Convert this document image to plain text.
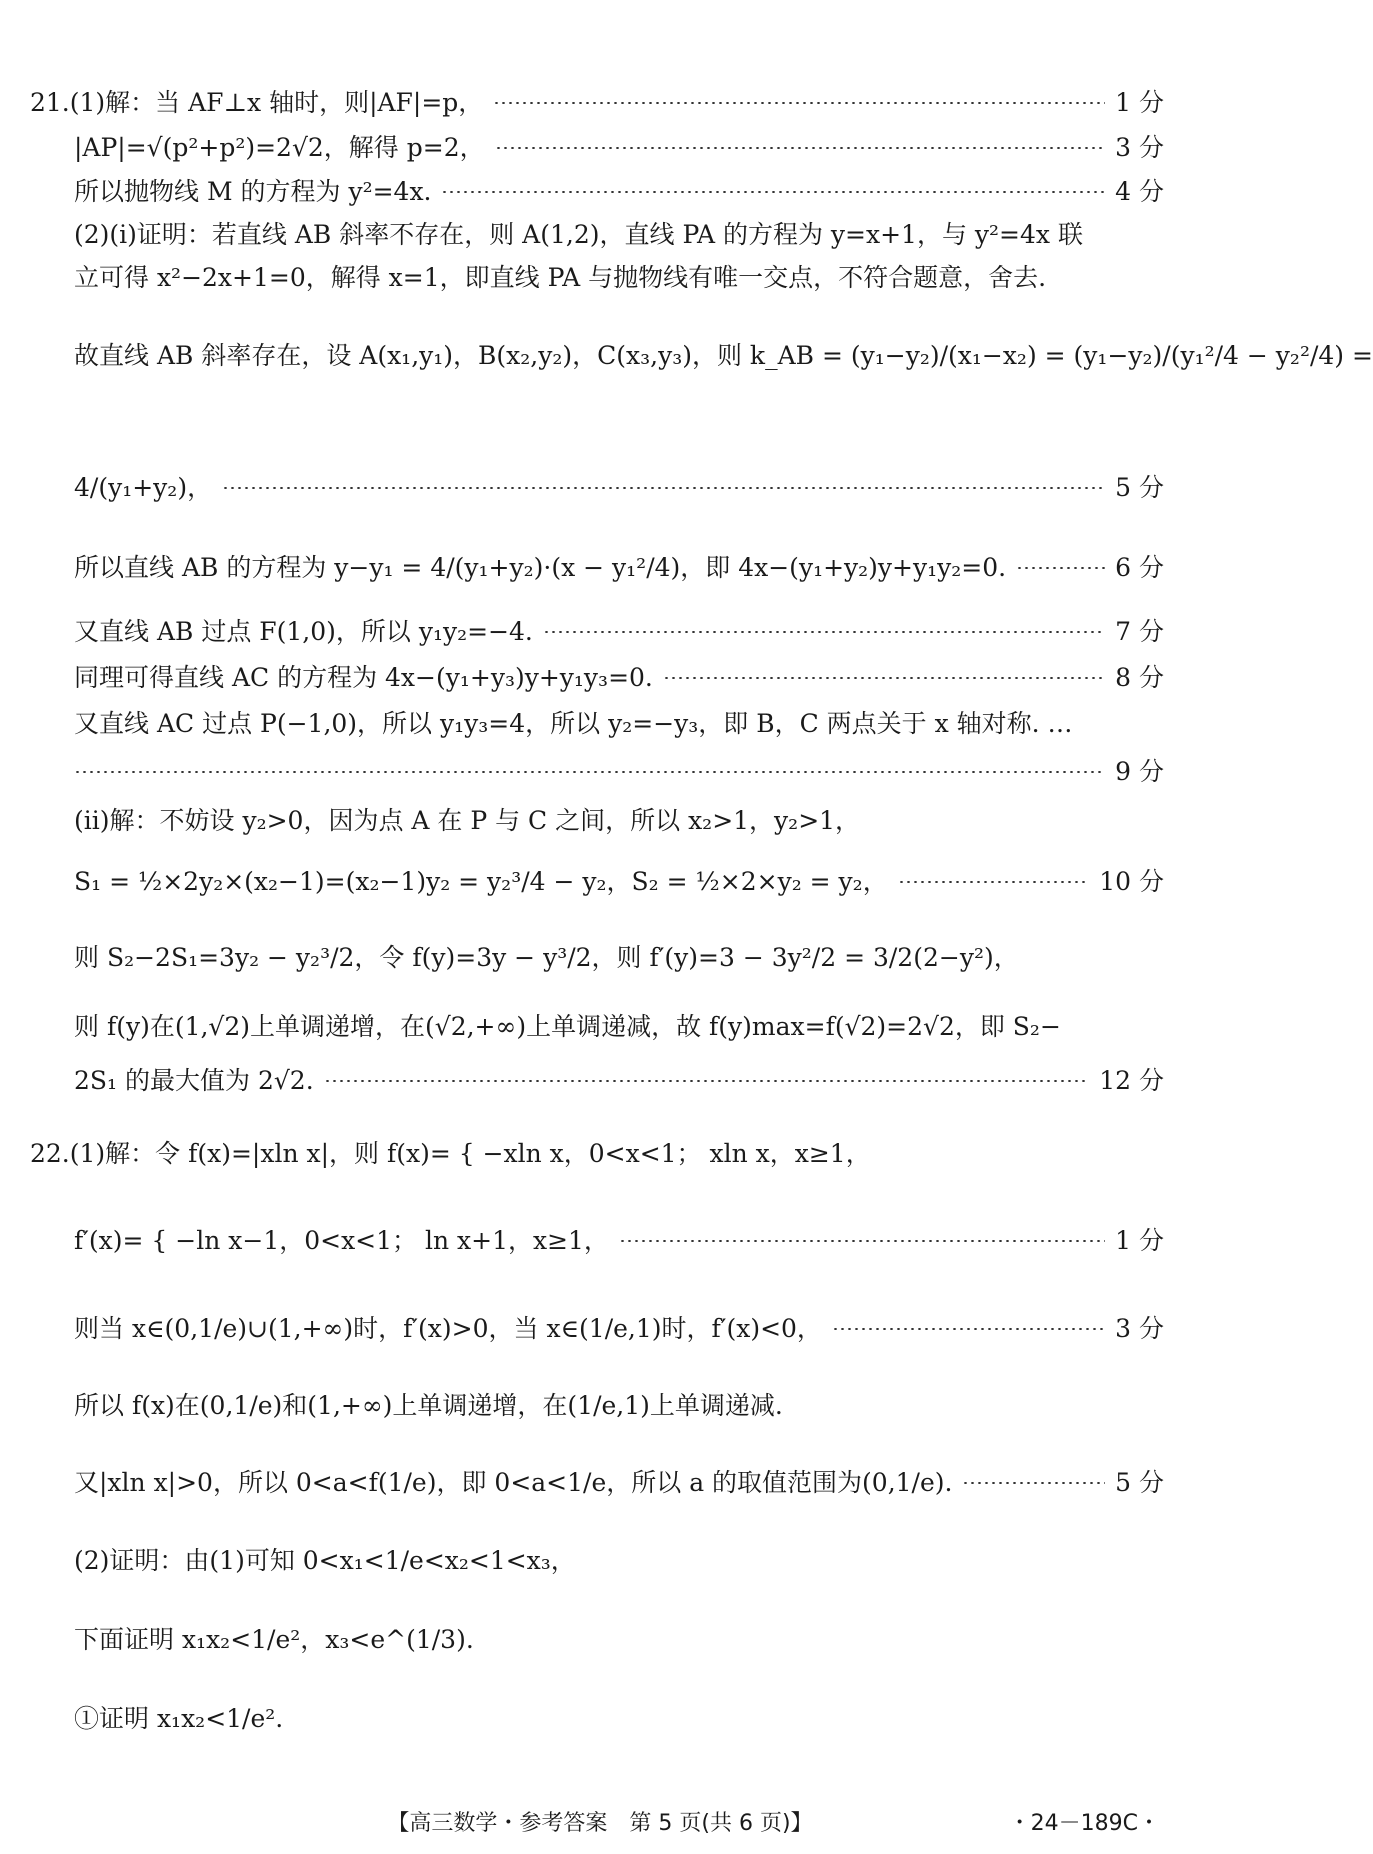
21.(1)解：当 AF⊥x 轴时，则|AF|=p，	1 分
|AP|=√(p²+p²)=2√2，解得 p=2，	3 分
所以抛物线 M 的方程为 y²=4x.	4 分
(2)(i)证明：若直线 AB 斜率不存在，则 A(1,2)，直线 PA 的方程为 y=x+1，与 y²=4x 联
立可得 x²−2x+1=0，解得 x=1，即直线 PA 与抛物线有唯一交点，不符合题意，舍去.
故直线 AB 斜率存在，设 A(x₁,y₁)，B(x₂,y₂)，C(x₃,y₃)，则 k_AB = (y₁−y₂)/(x₁−x₂) = (y₁−y₂)/(y₁²/4 − y₂²/4) =
4/(y₁+y₂)，	5 分
所以直线 AB 的方程为 y−y₁ = 4/(y₁+y₂)·(x − y₁²/4)，即 4x−(y₁+y₂)y+y₁y₂=0.	6 分
又直线 AB 过点 F(1,0)，所以 y₁y₂=−4.	7 分
同理可得直线 AC 的方程为 4x−(y₁+y₃)y+y₁y₃=0.	8 分
又直线 AC 过点 P(−1,0)，所以 y₁y₃=4，所以 y₂=−y₃，即 B，C 两点关于 x 轴对称. …
9 分
(ii)解：不妨设 y₂>0，因为点 A 在 P 与 C 之间，所以 x₂>1，y₂>1，
S₁ = ½×2y₂×(x₂−1)=(x₂−1)y₂ = y₂³/4 − y₂，S₂ = ½×2×y₂ = y₂，	10 分
则 S₂−2S₁=3y₂ − y₂³/2，令 f(y)=3y − y³/2，则 f′(y)=3 − 3y²/2 = 3/2(2−y²)，
则 f(y)在(1,√2)上单调递增，在(√2,+∞)上单调递减，故 f(y)max=f(√2)=2√2，即 S₂−
2S₁ 的最大值为 2√2.	12 分
22.(1)解：令 f(x)=|xln x|，则 f(x)= { −xln x，0<x<1； xln x，x≥1，
f′(x)= { −ln x−1，0<x<1； ln x+1，x≥1，	1 分
则当 x∈(0,1/e)∪(1,+∞)时，f′(x)>0，当 x∈(1/e,1)时，f′(x)<0，	3 分
所以 f(x)在(0,1/e)和(1,+∞)上单调递增，在(1/e,1)上单调递减.
又|xln x|>0，所以 0<a<f(1/e)，即 0<a<1/e，所以 a 的取值范围为(0,1/e).	5 分
(2)证明：由(1)可知 0<x₁<1/e<x₂<1<x₃，
下面证明 x₁x₂<1/e²，x₃<e^(1/3).
①证明 x₁x₂<1/e².
【高三数学・参考答案　第 5 页(共 6 页)】	・24－189C・
